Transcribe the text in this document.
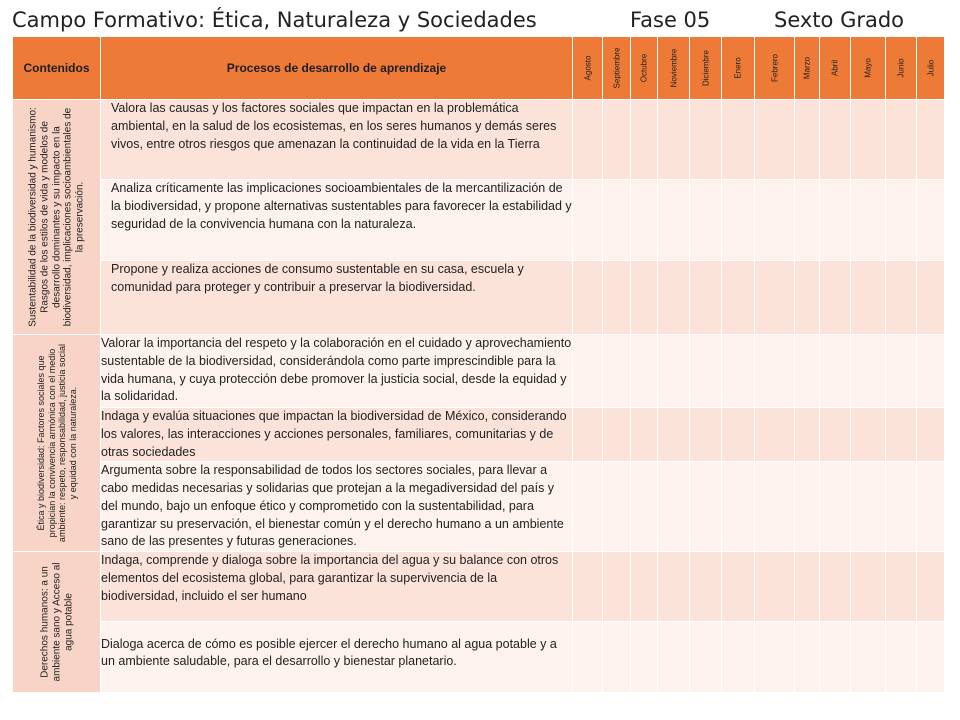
Campo Formativo: Ética, Naturaleza y Sociedades	Fase 05	Sexto Grado
Contenidos	Procesos de desarrollo de aprendizaje	Agosto	Septiembre	Octubre	Noviembre	Diciembre	Enero	Febrero	Marzo	Abril	Mayo	Junio	Julio

Sustentabilidad de la biodiversidad y humanismo: Rasgos de los estilos de vida y modelos de desarrollo dominantes y su impacto en la biodiversidad, implicaciones socioambientales de la preservación.	Valora las causas y los factores sociales que impactan en la problemática ambiental, en la salud de los ecosistemas, en los seres humanos y demás seres vivos, entre otros riesgos que amenazan la continuidad de la vida en la Tierra												
	Analiza críticamente las implicaciones socioambientales de la mercantilización de la biodiversidad, y propone alternativas sustentables para favorecer la estabilidad y seguridad de la convivencia humana con la naturaleza.												
	Propone y realiza acciones de consumo sustentable en su casa, escuela y comunidad para proteger y contribuir a preservar la biodiversidad.												

Ética y biodiversidad: Factores sociales que propician la convivencia armónica con el medio ambiente: respeto, responsabilidad, justicia social y equidad con la naturaleza.	Valorar la importancia del respeto y la colaboración en el cuidado y aprovechamiento sustentable de la biodiversidad, considerándola como parte imprescindible para la vida humana, y cuya protección debe promover la justicia social, desde la equidad y la solidaridad.												
	Indaga y evalúa situaciones que impactan la biodiversidad de México, considerando los valores, las interacciones y acciones personales, familiares, comunitarias y de otras sociedades												
	Argumenta sobre la responsabilidad de todos los sectores sociales, para llevar a cabo medidas necesarias y solidarias que protejan a la megadiversidad del país y del mundo, bajo un enfoque ético y comprometido con la sustentabilidad, para garantizar su preservación, el bienestar común y el derecho humano a un ambiente sano de las presentes y futuras generaciones.												

Derechos humanos: a un ambiente sano y Acceso al agua potable	Indaga, comprende y dialoga sobre la importancia del agua y su balance con otros elementos del ecosistema global, para garantizar la supervivencia de la biodiversidad, incluido el ser humano												
	Dialoga acerca de cómo es posible ejercer el derecho humano al agua potable y a un ambiente saludable, para el desarrollo y bienestar planetario.												
